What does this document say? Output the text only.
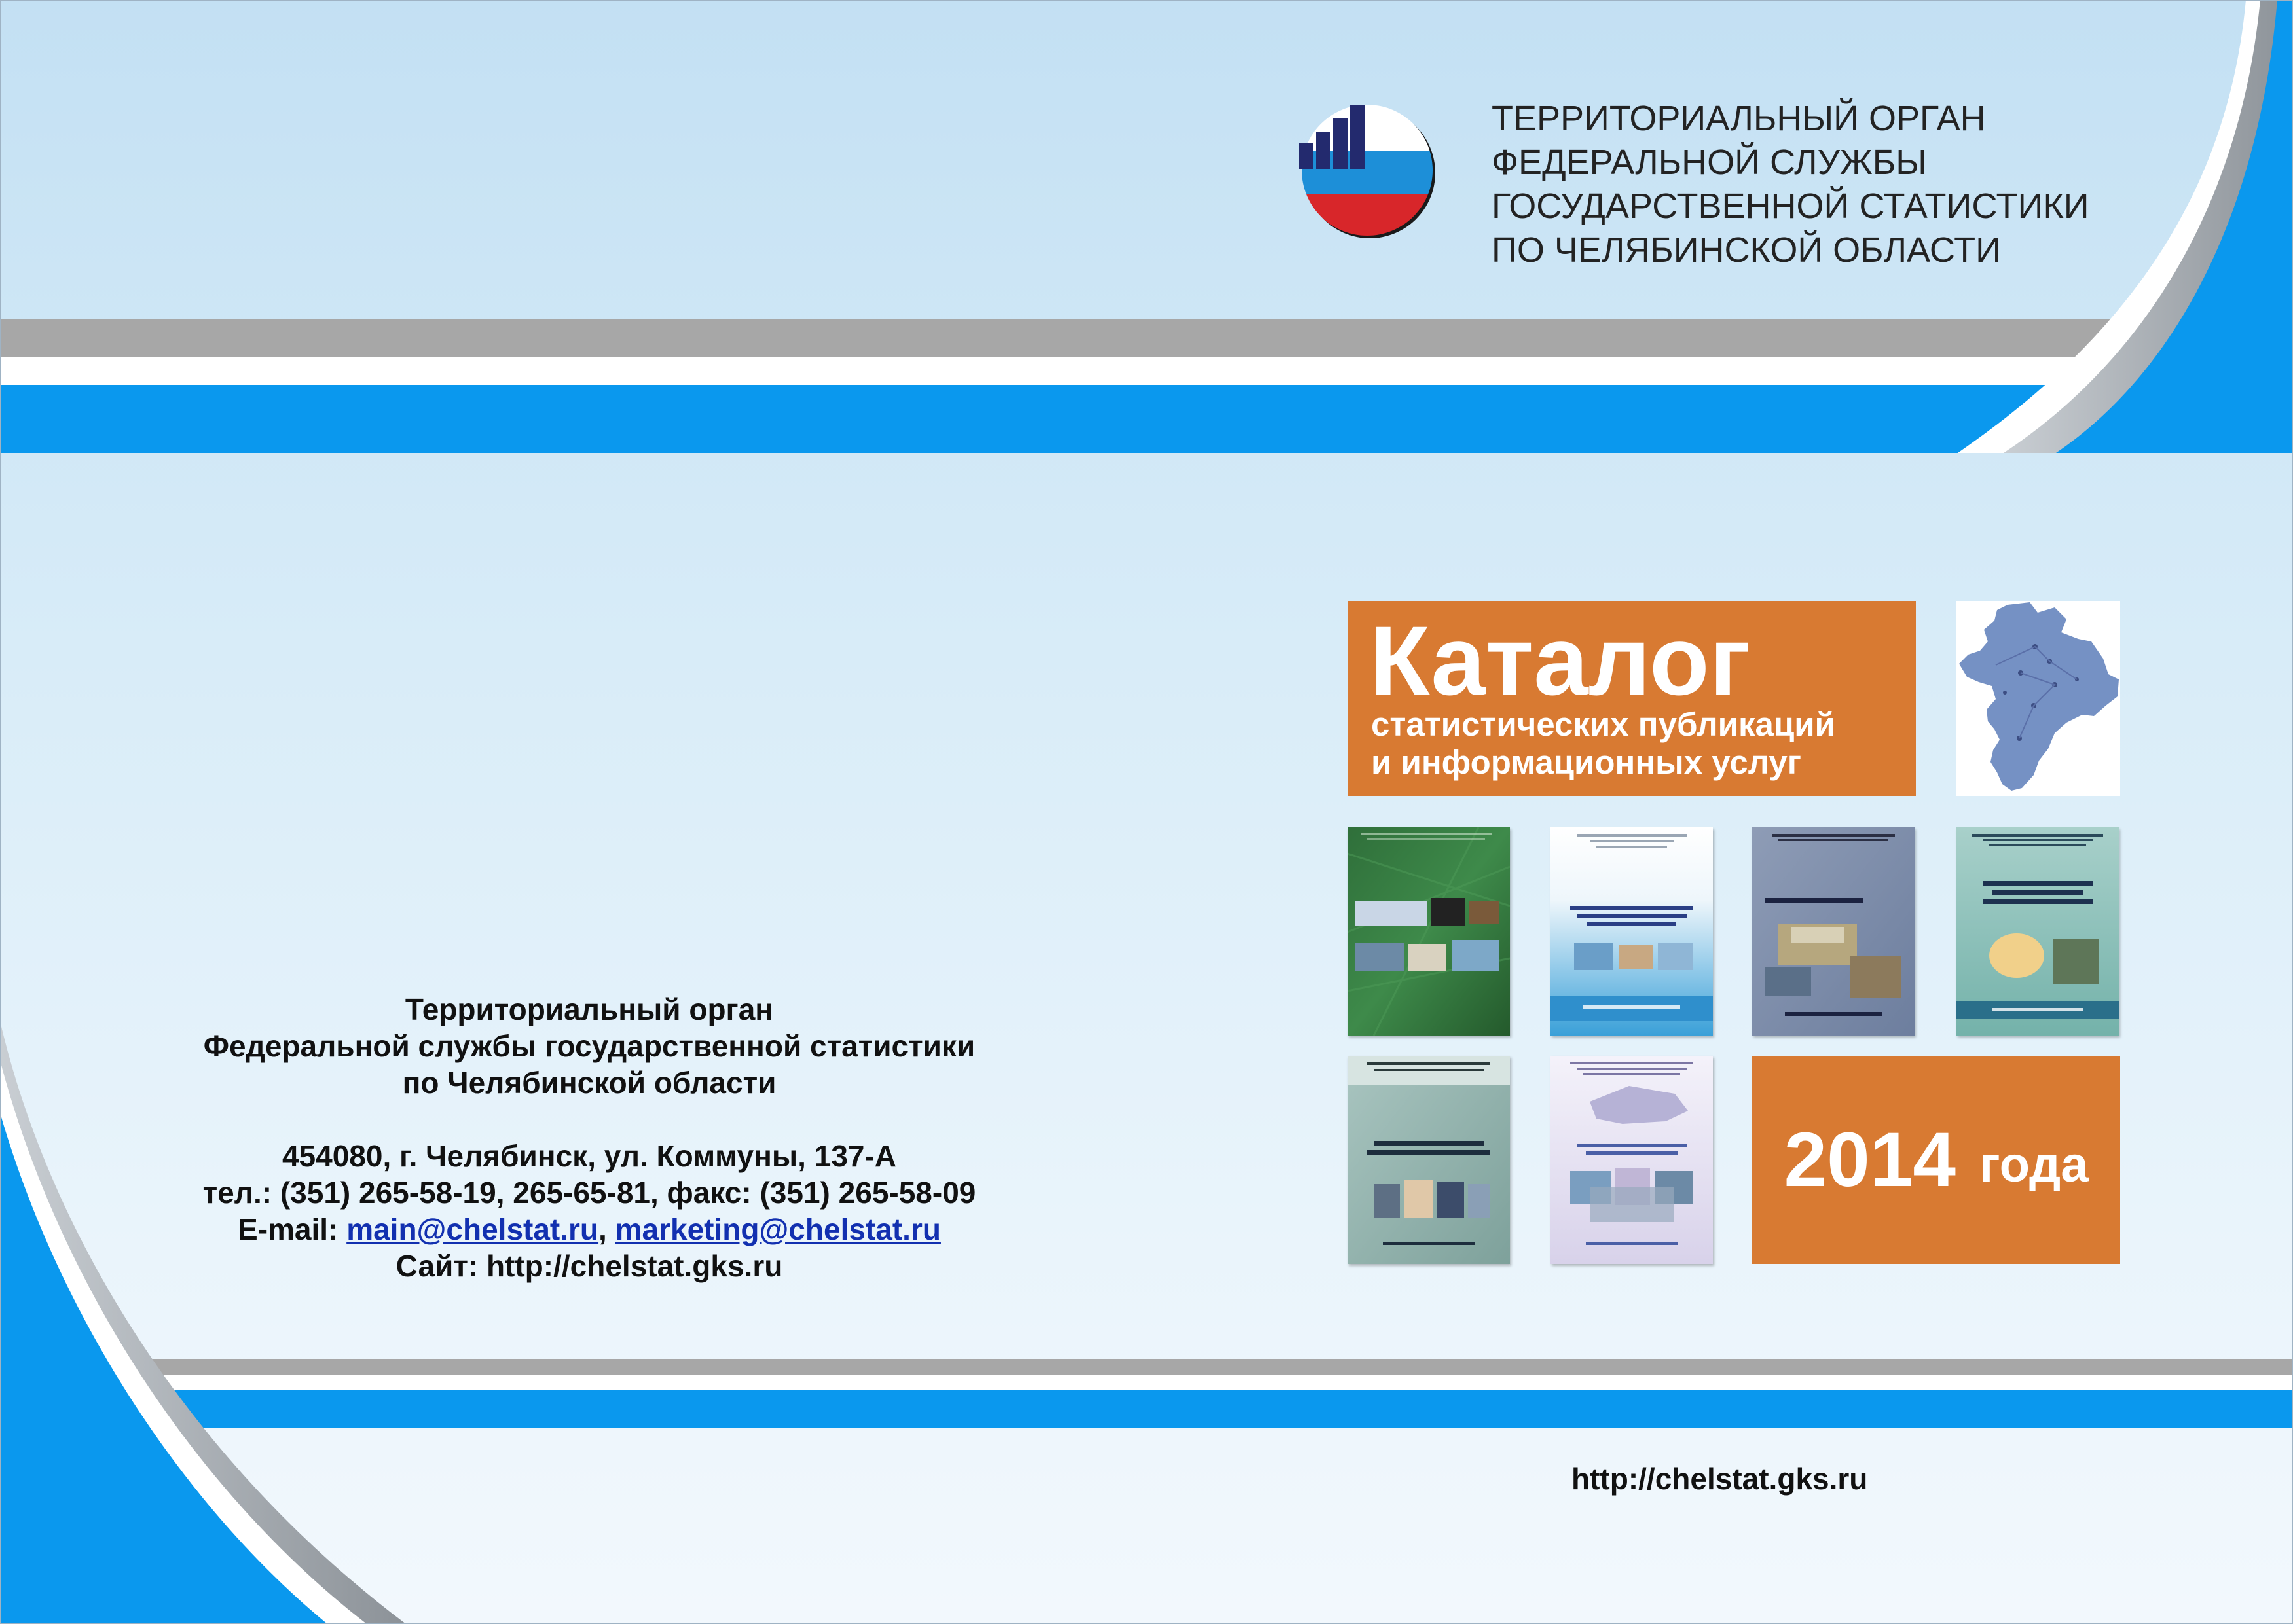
ТЕРРИТОРИАЛЬНЫЙ ОРГАН
ФЕДЕРАЛЬНОЙ СЛУЖБЫ
ГОСУДАРСТВЕННОЙ СТАТИСТИКИ
ПО ЧЕЛЯБИНСКОЙ ОБЛАСТИ
Каталог
статистических публикаций
и информационных услуг
2014 года
Территориальный орган
Федеральной службы государственной статистики
по Челябинской области
454080, г. Челябинск, ул. Коммуны, 137-А
тел.: (351) 265-58-19, 265-65-81, факс: (351) 265-58-09
E-mail: main@chelstat.ru, marketing@chelstat.ru
Сайт: http://chelstat.gks.ru
http://chelstat.gks.ru
